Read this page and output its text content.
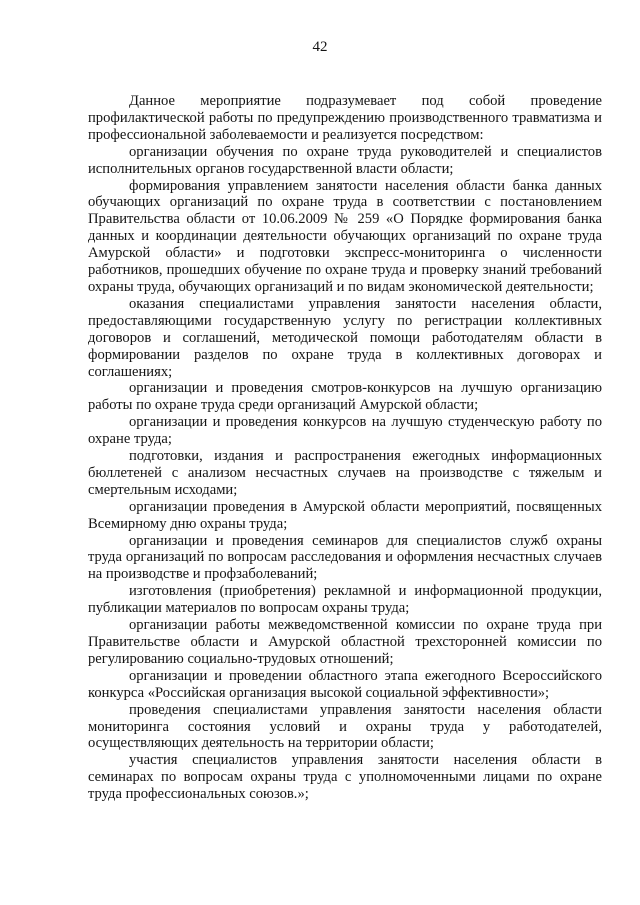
42

Данное мероприятие подразумевает под собой проведение профилактической работы по предупреждению производственного травматизма и профессиональной заболеваемости и реализуется посредством:

организации обучения по охране труда руководителей и специалистов исполнительных органов государственной власти области;

формирования управлением занятости населения области банка данных обучающих организаций по охране труда в соответствии с постановлением Правительства области от 10.06.2009 № 259 «О Порядке формирования банка данных и координации деятельности обучающих организаций по охране труда Амурской области» и подготовки экспресс-мониторинга о численности работников, прошедших обучение по охране труда и проверку знаний требований охраны труда, обучающих организаций и по видам экономической деятельности;

оказания специалистами управления занятости населения области, предоставляющими государственную услугу по регистрации коллективных договоров и соглашений, методической помощи работодателям области в формировании разделов по охране труда в коллективных договорах и соглашениях;

организации и проведения смотров-конкурсов на лучшую организацию работы по охране труда среди организаций Амурской области;

организации и проведения конкурсов на лучшую студенческую работу по охране труда;

подготовки, издания и распространения ежегодных информационных бюллетеней с анализом несчастных случаев на производстве с тяжелым и смертельным исходами;

организации проведения в Амурской области мероприятий, посвященных Всемирному дню охраны труда;

организации и проведения семинаров для специалистов служб охраны труда организаций по вопросам расследования и оформления несчастных случаев на производстве и профзаболеваний;

изготовления (приобретения) рекламной и информационной продукции, публикации материалов по вопросам охраны труда;

организации работы межведомственной комиссии по охране труда при Правительстве области и Амурской областной трехсторонней комиссии по регулированию социально-трудовых отношений;

организации и проведении областного этапа ежегодного Всероссийского конкурса «Российская организация высокой социальной эффективности»;

проведения специалистами управления занятости населения области мониторинга состояния условий и охраны труда у работодателей, осуществляющих деятельность на территории области;

участия специалистов управления занятости населения области в семинарах по вопросам охраны труда с уполномоченными лицами по охране труда профессиональных союзов.»;
